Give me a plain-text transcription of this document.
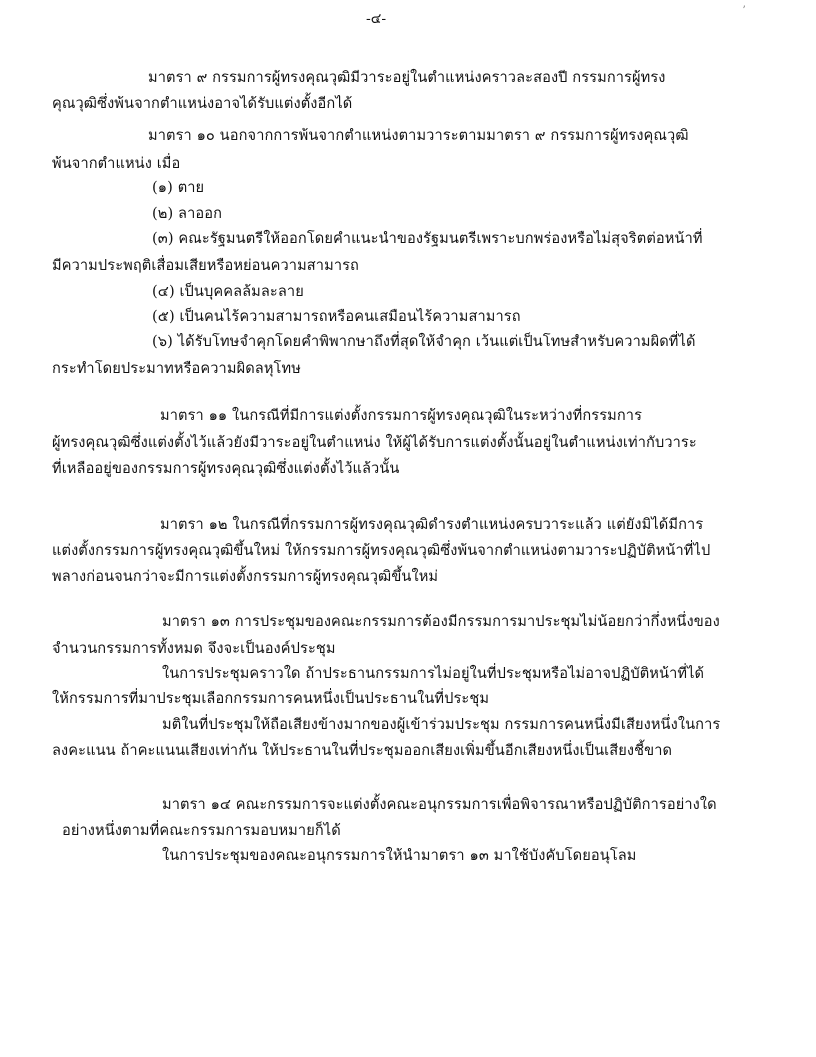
ʼ
-๔-
มาตรา ๙ กรรมการผู้ทรงคุณวุฒิมีวาระอยู่ในตำแหน่งคราวละสองปี กรรมการผู้ทรง
คุณวุฒิซึ่งพ้นจากตำแหน่งอาจได้รับแต่งตั้งอีกได้
มาตรา ๑๐ นอกจากการพ้นจากตำแหน่งตามวาระตามมาตรา ๙ กรรมการผู้ทรงคุณวุฒิ
พ้นจากตำแหน่ง เมื่อ
(๑) ตาย
(๒) ลาออก
(๓) คณะรัฐมนตรีให้ออกโดยคำแนะนำของรัฐมนตรีเพราะบกพร่องหรือไม่สุจริตต่อหน้าที่
มีความประพฤติเสื่อมเสียหรือหย่อนความสามารถ
(๔) เป็นบุคคลล้มละลาย
(๕) เป็นคนไร้ความสามารถหรือคนเสมือนไร้ความสามารถ
(๖) ได้รับโทษจำคุกโดยคำพิพากษาถึงที่สุดให้จำคุก เว้นแต่เป็นโทษสำหรับความผิดที่ได้
กระทำโดยประมาทหรือความผิดลหุโทษ
มาตรา ๑๑ ในกรณีที่มีการแต่งตั้งกรรมการผู้ทรงคุณวุฒิในระหว่างที่กรรมการ
ผู้ทรงคุณวุฒิซึ่งแต่งตั้งไว้แล้วยังมีวาระอยู่ในตำแหน่ง ให้ผู้ได้รับการแต่งตั้งนั้นอยู่ในตำแหน่งเท่ากับวาระ
ที่เหลืออยู่ของกรรมการผู้ทรงคุณวุฒิซึ่งแต่งตั้งไว้แล้วนั้น
มาตรา ๑๒ ในกรณีที่กรรมการผู้ทรงคุณวุฒิดำรงตำแหน่งครบวาระแล้ว แต่ยังมิได้มีการ
แต่งตั้งกรรมการผู้ทรงคุณวุฒิขึ้นใหม่ ให้กรรมการผู้ทรงคุณวุฒิซึ่งพ้นจากตำแหน่งตามวาระปฏิบัติหน้าที่ไป
พลางก่อนจนกว่าจะมีการแต่งตั้งกรรมการผู้ทรงคุณวุฒิขึ้นใหม่
มาตรา ๑๓ การประชุมของคณะกรรมการต้องมีกรรมการมาประชุมไม่น้อยกว่ากึ่งหนึ่งของ
จำนวนกรรมการทั้งหมด จึงจะเป็นองค์ประชุม
ในการประชุมคราวใด ถ้าประธานกรรมการไม่อยู่ในที่ประชุมหรือไม่อาจปฏิบัติหน้าที่ได้
ให้กรรมการที่มาประชุมเลือกกรรมการคนหนึ่งเป็นประธานในที่ประชุม
มติในที่ประชุมให้ถือเสียงข้างมากของผู้เข้าร่วมประชุม กรรมการคนหนึ่งมีเสียงหนึ่งในการ
ลงคะแนน ถ้าคะแนนเสียงเท่ากัน ให้ประธานในที่ประชุมออกเสียงเพิ่มขึ้นอีกเสียงหนึ่งเป็นเสียงชี้ขาด
มาตรา ๑๔ คณะกรรมการจะแต่งตั้งคณะอนุกรรมการเพื่อพิจารณาหรือปฏิบัติการอย่างใด
อย่างหนึ่งตามที่คณะกรรมการมอบหมายก็ได้
ในการประชุมของคณะอนุกรรมการให้นำมาตรา ๑๓ มาใช้บังคับโดยอนุโลม
